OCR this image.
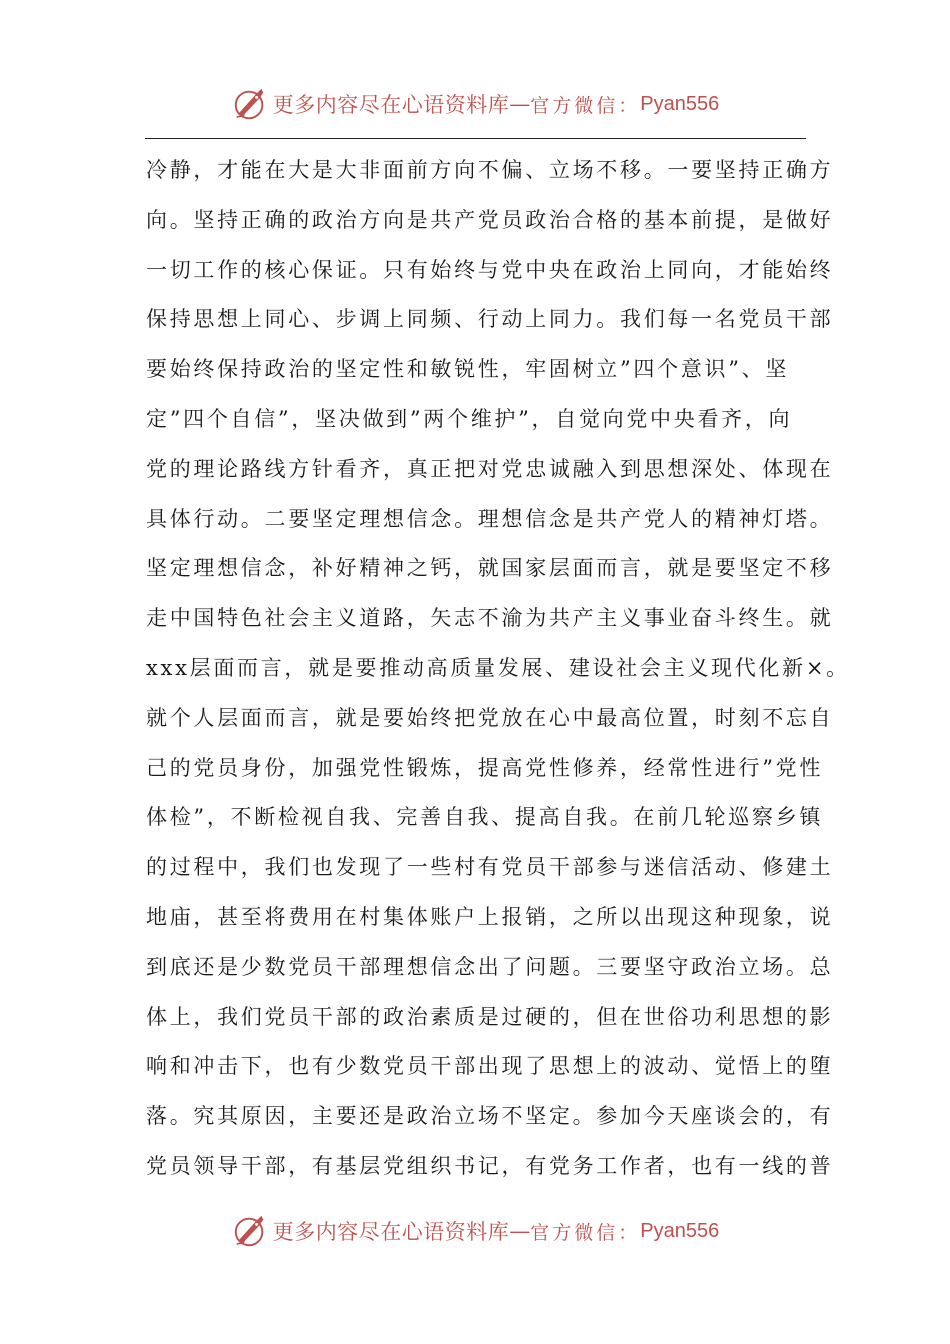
更多内容尽在心语资料库 — 官方微信： Pyan556
冷静，才能在大是大非面前方向不偏、立场不移。一要坚持正确方
向。坚持正确的政治方向是共产党员政治合格的基本前提，是做好
一切工作的核心保证。只有始终与党中央在政治上同向，才能始终
保持思想上同心、步调上同频、行动上同力。我们每一名党员干部
要始终保持政治的坚定性和敏锐性，牢固树立”四个意识”、坚
定”四个自信”，坚决做到”两个维护”，自觉向党中央看齐，向
党的理论路线方针看齐，真正把对党忠诚融入到思想深处、体现在
具体行动。二要坚定理想信念。理想信念是共产党人的精神灯塔。
坚定理想信念，补好精神之钙，就国家层面而言，就是要坚定不移
走中国特色社会主义道路，矢志不渝为共产主义事业奋斗终生。就
xxx层面而言，就是要推动高质量发展、建设社会主义现代化新×。
就个人层面而言，就是要始终把党放在心中最高位置，时刻不忘自
己的党员身份，加强党性锻炼，提高党性修养，经常性进行”党性
体检”，不断检视自我、完善自我、提高自我。在前几轮巡察乡镇
的过程中，我们也发现了一些村有党员干部参与迷信活动、修建土
地庙，甚至将费用在村集体账户上报销，之所以出现这种现象，说
到底还是少数党员干部理想信念出了问题。三要坚守政治立场。总
体上，我们党员干部的政治素质是过硬的，但在世俗功利思想的影
响和冲击下，也有少数党员干部出现了思想上的波动、觉悟上的堕
落。究其原因，主要还是政治立场不坚定。参加今天座谈会的，有
党员领导干部，有基层党组织书记，有党务工作者，也有一线的普
更多内容尽在心语资料库 — 官方微信： Pyan556
